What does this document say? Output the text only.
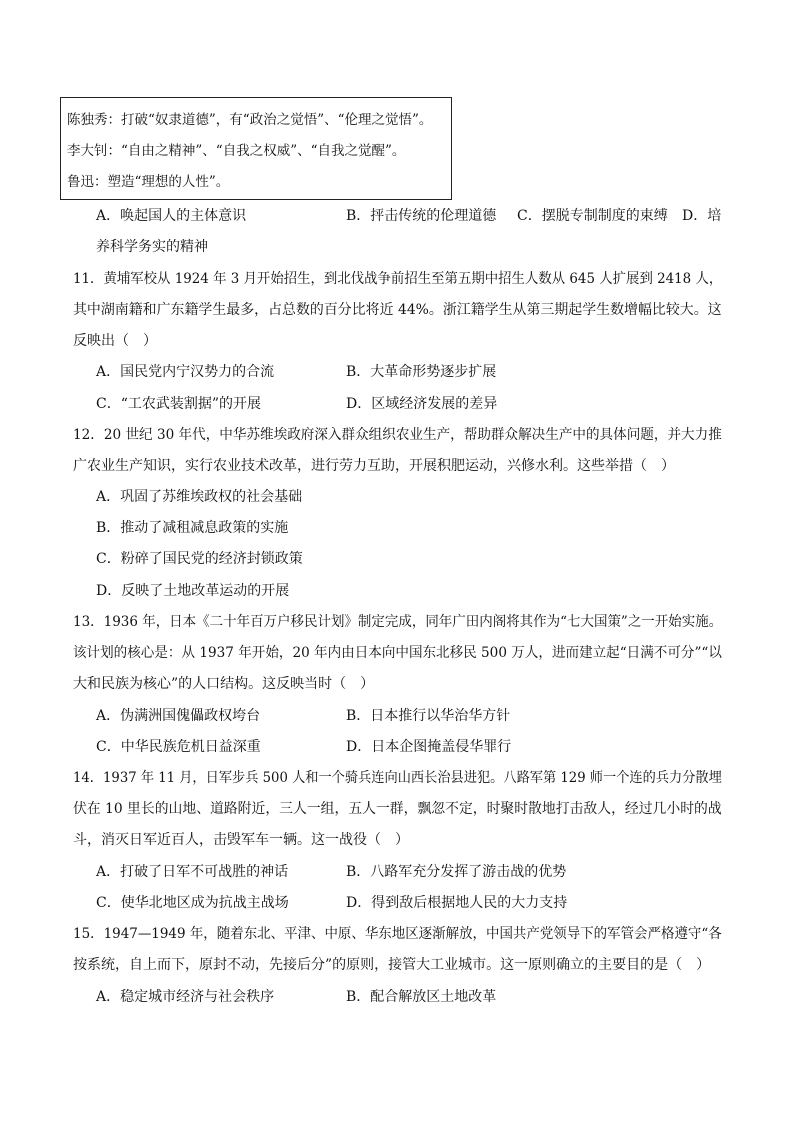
陈独秀：打破“奴隶道德”，有“政治之觉悟”、“伦理之觉悟”。
李大钊：“自由之精神”、“自我之权威”、“自我之觉醒”。
鲁迅：塑造“理想的人性”。
A．唤起国人的主体意识	B．抨击传统的伦理道德 C．摆脱专制制度的束缚 D．培
养科学务实的精神
11．黄埔军校从 1924 年 3 月开始招生，到北伐战争前招生至第五期中招生人数从 645 人扩展到 2418 人，
其中湖南籍和广东籍学生最多，占总数的百分比将近 44%。浙江籍学生从第三期起学生数增幅比较大。这
反映出（　）
A．国民党内宁汉势力的合流	B．大革命形势逐步扩展
C．“工农武装割据”的开展	D．区域经济发展的差异
12．20 世纪 30 年代，中华苏维埃政府深入群众组织农业生产，帮助群众解决生产中的具体问题，并大力推
广农业生产知识，实行农业技术改革，进行劳力互助，开展积肥运动，兴修水利。这些举措（　）
A．巩固了苏维埃政权的社会基础
B．推动了减租减息政策的实施
C．粉碎了国民党的经济封锁政策
D．反映了土地改革运动的开展
13．1936 年，日本《二十年百万户移民计划》制定完成，同年广田内阁将其作为“七大国策”之一开始实施。
该计划的核心是：从 1937 年开始，20 年内由日本向中国东北移民 500 万人，进而建立起“日满不可分”“以
大和民族为核心”的人口结构。这反映当时（　）
A．伪满洲国傀儡政权垮台	B．日本推行以华治华方针
C．中华民族危机日益深重	D．日本企图掩盖侵华罪行
14．1937 年 11 月，日军步兵 500 人和一个骑兵连向山西长治县进犯。八路军第 129 师一个连的兵力分散埋
伏在 10 里长的山地、道路附近，三人一组，五人一群，飘忽不定，时聚时散地打击敌人，经过几小时的战
斗，消灭日军近百人，击毁军车一辆。这一战役（　）
A．打破了日军不可战胜的神话	B．八路军充分发挥了游击战的优势
C．使华北地区成为抗战主战场	D．得到敌后根据地人民的大力支持
15．1947—1949 年，随着东北、平津、中原、华东地区逐渐解放，中国共产党领导下的军管会严格遵守“各
按系统，自上而下，原封不动，先接后分”的原则，接管大工业城市。这一原则确立的主要目的是（　）
A．稳定城市经济与社会秩序	B．配合解放区土地改革
